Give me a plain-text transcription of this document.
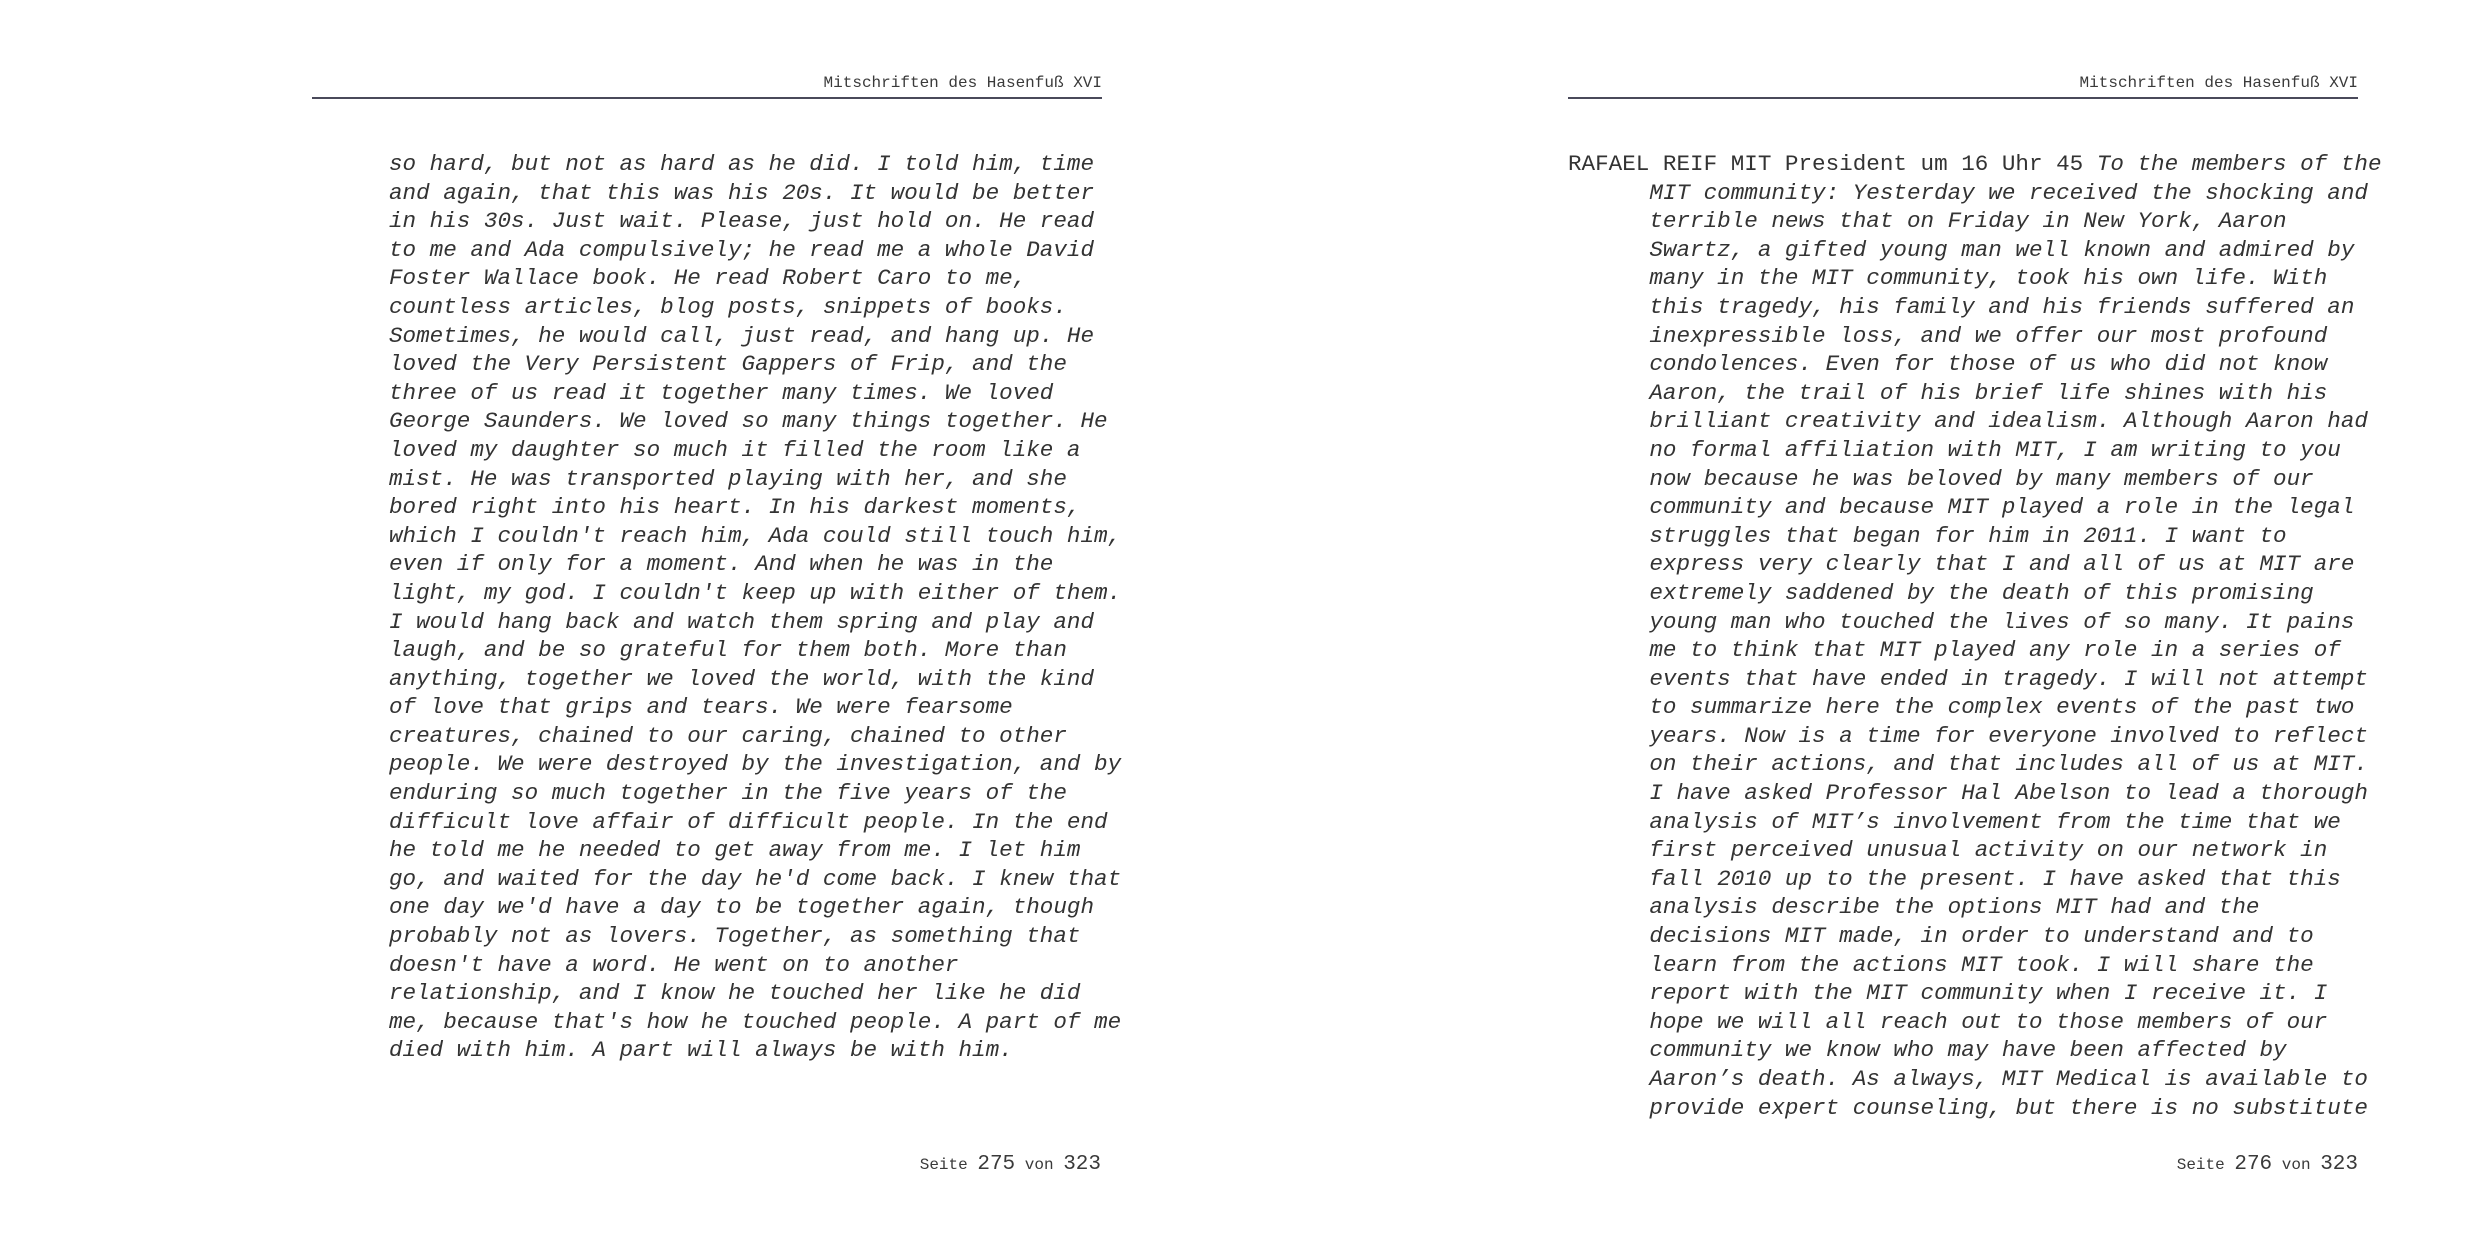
Mitschriften des Hasenfuß XVI
so hard, but not as hard as he did. I told him, time
and again, that this was his 20s. It would be better
in his 30s. Just wait. Please, just hold on. He read
to me and Ada compulsively; he read me a whole David
Foster Wallace book. He read Robert Caro to me,
countless articles, blog posts, snippets of books.
Sometimes, he would call, just read, and hang up. He
loved the Very Persistent Gappers of Frip, and the
three of us read it together many times. We loved
George Saunders. We loved so many things together. He
loved my daughter so much it filled the room like a
mist. He was transported playing with her, and she
bored right into his heart. In his darkest moments,
which I couldn't reach him, Ada could still touch him,
even if only for a moment. And when he was in the
light, my god. I couldn't keep up with either of them.
I would hang back and watch them spring and play and
laugh, and be so grateful for them both. More than
anything, together we loved the world, with the kind
of love that grips and tears. We were fearsome
creatures, chained to our caring, chained to other
people. We were destroyed by the investigation, and by
enduring so much together in the five years of the
difficult love affair of difficult people. In the end
he told me he needed to get away from me. I let him
go, and waited for the day he'd come back. I knew that
one day we'd have a day to be together again, though
probably not as lovers. Together, as something that
doesn't have a word. He went on to another
relationship, and I know he touched her like he did
me, because that's how he touched people. A part of me
died with him. A part will always be with him.
Seite 275 von 323
Mitschriften des Hasenfuß XVI
RAFAEL REIF MIT President um 16 Uhr 45 To the members of the
MIT community: Yesterday we received the shocking and
terrible news that on Friday in New York, Aaron
Swartz, a gifted young man well known and admired by
many in the MIT community, took his own life. With
this tragedy, his family and his friends suffered an
inexpressible loss, and we offer our most profound
condolences. Even for those of us who did not know
Aaron, the trail of his brief life shines with his
brilliant creativity and idealism. Although Aaron had
no formal affiliation with MIT, I am writing to you
now because he was beloved by many members of our
community and because MIT played a role in the legal
struggles that began for him in 2011. I want to
express very clearly that I and all of us at MIT are
extremely saddened by the death of this promising
young man who touched the lives of so many. It pains
me to think that MIT played any role in a series of
events that have ended in tragedy. I will not attempt
to summarize here the complex events of the past two
years. Now is a time for everyone involved to reflect
on their actions, and that includes all of us at MIT.
I have asked Professor Hal Abelson to lead a thorough
analysis of MIT’s involvement from the time that we
first perceived unusual activity on our network in
fall 2010 up to the present. I have asked that this
analysis describe the options MIT had and the
decisions MIT made, in order to understand and to
learn from the actions MIT took. I will share the
report with the MIT community when I receive it. I
hope we will all reach out to those members of our
community we know who may have been affected by
Aaron’s death. As always, MIT Medical is available to
provide expert counseling, but there is no substitute
Seite 276 von 323
